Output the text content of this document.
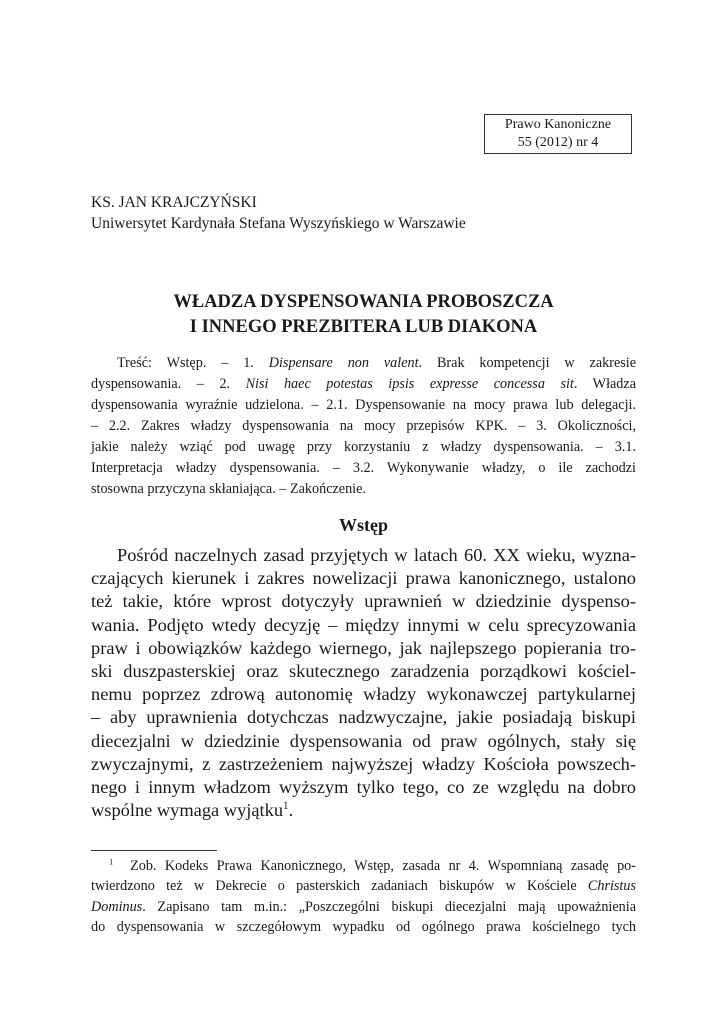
Prawo Kanoniczne
55 (2012) nr 4
KS. JAN KRAJCZYŃSKI
Uniwersytet Kardynała Stefana Wyszyńskiego w Warszawie
WŁADZA DYSPENSOWANIA PROBOSZCZA
I INNEGO PREZBITERA LUB DIAKONA
Treść: Wstęp. – 1. Dispensare non valent. Brak kompetencji w zakresie
dyspensowania. – 2. Nisi haec potestas ipsis expresse concessa sit. Władza
dyspensowania wyraźnie udzielona. – 2.1. Dyspensowanie na mocy prawa lub delegacji.
– 2.2. Zakres władzy dyspensowania na mocy przepisów KPK. – 3. Okoliczności,
jakie należy wziąć pod uwagę przy korzystaniu z władzy dyspensowania. – 3.1.
Interpretacja władzy dyspensowania. – 3.2. Wykonywanie władzy, o ile zachodzi
stosowna przyczyna skłaniająca. – Zakończenie.
Wstęp
Pośród naczelnych zasad przyjętych w latach 60. XX wieku, wyzna-
czających kierunek i zakres nowelizacji prawa kanonicznego, ustalono
też takie, które wprost dotyczyły uprawnień w dziedzinie dyspenso-
wania. Podjęto wtedy decyzję – między innymi w celu sprecyzowania
praw i obowiązków każdego wiernego, jak najlepszego popierania tro-
ski duszpasterskiej oraz skutecznego zaradzenia porządkowi kościel-
nemu poprzez zdrową autonomię władzy wykonawczej partykularnej
– aby uprawnienia dotychczas nadzwyczajne, jakie posiadają biskupi
diecezjalni w dziedzinie dyspensowania od praw ogólnych, stały się
zwyczajnymi, z zastrzeżeniem najwyższej władzy Kościoła powszech-
nego i innym władzom wyższym tylko tego, co ze względu na dobro
wspólne wymaga wyjątku$^1$.
$^1$ Zob. Kodeks Prawa Kanonicznego, Wstęp, zasada nr 4. Wspomnianą zasadę po-
twierdzono też w Dekrecie o pasterskich zadaniach biskupów w Kościele Christus
Dominus. Zapisano tam m.in.: „Poszczególni biskupi diecezjalni mają upoważnienia
do dyspensowania w szczegółowym wypadku od ogólnego prawa kościelnego tych
